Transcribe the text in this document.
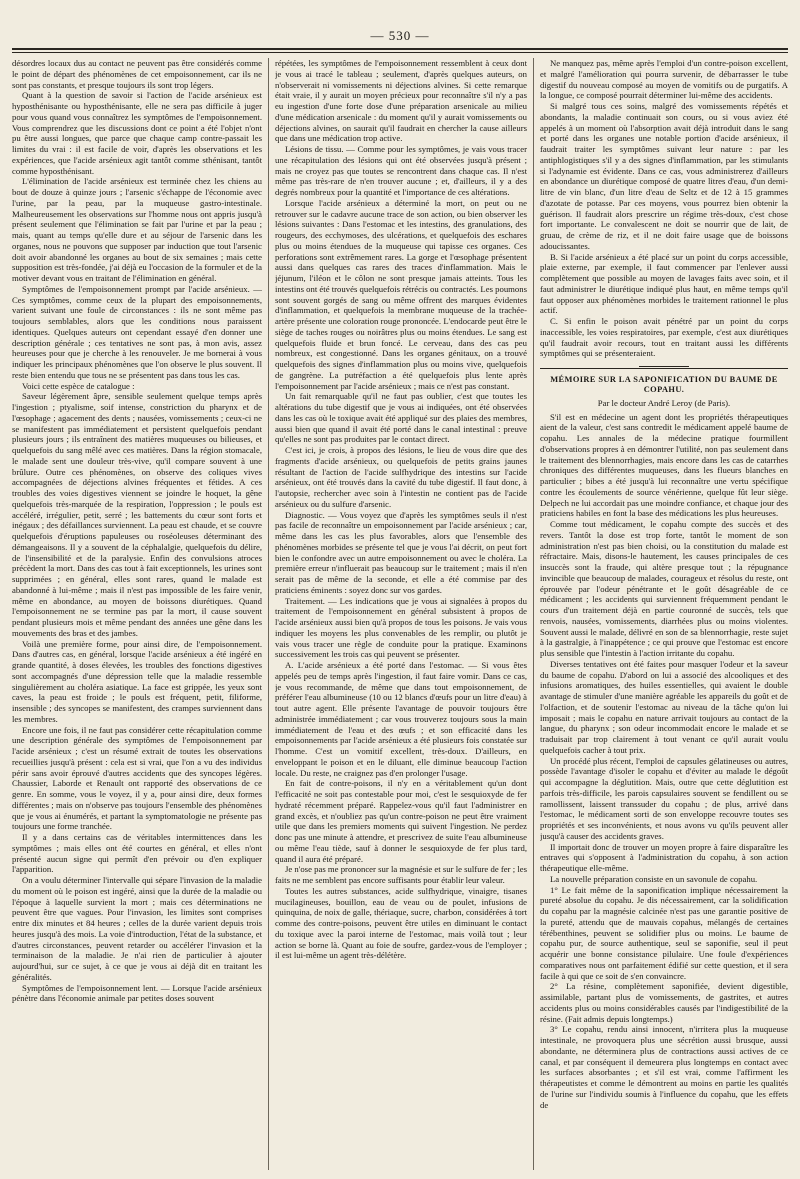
— 530 —

désordres locaux dus au contact ne peuvent pas être considérés comme le point de départ des phénomènes de cet empoisonnement, car ils ne sont pas constants, et presque toujours ils sont trop légers.

Quant à la question de savoir si l'action de l'acide arsénieux est hyposthénisante ou hyposthénisante, elle ne sera pas difficile à juger pour vous quand vous connaîtrez les symptômes de l'empoisonnement. Vous comprendrez que les discussions dont ce point a été l'objet n'ont pu être aussi longues, que parce que chaque camp contre-passait les limites du vrai : il est facile de voir, d'après les observations et les expériences, que l'acide arsénieux agit tantôt comme sthénisant, tantôt comme hyposthénisant.

L'élimination de l'acide arsénieux est terminée chez les chiens au bout de douze à quinze jours ; l'arsenic s'échappe de l'économie avec l'urine, par la peau, par la muqueuse gastro-intestinale. Malheureusement les observations sur l'homme nous ont appris jusqu'à présent seulement que l'élimination se fait par l'urine et par la peau ; mais, quant au temps qu'elle dure et au séjour de l'arsenic dans les organes, nous ne pouvons que supposer par induction que tout l'arsenic doit avoir abandonné les organes au bout de six semaines ; mais cette supposition est très-fondée, j'ai déjà eu l'occasion de la formuler et de la motiver devant vous en traitant de l'élimination en général.

Symptômes de l'empoisonnement prompt par l'acide arsénieux. — Ces symptômes, comme ceux de la plupart des empoisonnements, varient suivant une foule de circonstances : ils ne sont même pas toujours semblables, alors que les conditions nous paraissent identiques. Quelques auteurs ont cependant essayé d'en donner une description générale ; ces tentatives ne sont pas, à mon avis, assez heureuses pour que je cherche à les renouveler. Je me bornerai à vous indiquer les principaux phénomènes que l'on observe le plus souvent. Il reste bien entendu que tous ne se présentent pas dans tous les cas.

Voici cette espèce de catalogue :

Saveur légèrement âpre, sensible seulement quelque temps après l'ingestion ; ptyalisme, soif intense, constriction du pharynx et de l'œsophage ; agacement des dents ; nausées, vomissements ; ceux-ci ne se manifestent pas immédiatement et persistent quelquefois pendant plusieurs jours ; ils entraînent des matières muqueuses ou bilieuses, et quelquefois du sang mêlé avec ces matières. Dans la région stomacale, le malade sent une douleur très-vive, qu'il compare souvent à une brûlure. Outre ces phénomènes, on observe des coliques vives accompagnées de déjections alvines fréquentes et fétides. A ces troubles des voies digestives viennent se joindre le hoquet, la gêne quelquefois très-marquée de la respiration, l'oppression ; le pouls est accéléré, irrégulier, petit, serré ; les battements du cœur sont forts et inégaux ; des défaillances surviennent. La peau est chaude, et se couvre quelquefois d'éruptions papuleuses ou roséoleuses déterminant des démangeaisons. Il y a souvent de la céphalalgie, quelquefois du délire, de l'insensibilité et de la paralysie. Enfin des convulsions atroces précèdent la mort. Dans des cas tout à fait exceptionnels, les urines sont supprimées ; en général, elles sont rares, quand le malade est abandonné à lui-même ; mais il n'est pas impossible de les faire venir, même en abondance, au moyen de boissons diurétiques. Quand l'empoisonnement ne se termine pas par la mort, il cause souvent pendant plusieurs mois et même pendant des années une gêne dans les mouvements des bras et des jambes.

Voilà une première forme, pour ainsi dire, de l'empoisonnement. Dans d'autres cas, en général, lorsque l'acide arsénieux a été ingéré en grande quantité, à doses élevées, les troubles des fonctions digestives sont accompagnés d'une dépression telle que la maladie ressemble singulièrement au choléra asiatique. La face est grippée, les yeux sont caves, la peau est froide ; le pouls est fréquent, petit, filiforme, insensible ; des syncopes se manifestent, des crampes surviennent dans les membres.

Encore une fois, il ne faut pas considérer cette récapitulation comme une description générale des symptômes de l'empoisonnement par l'acide arsénieux ; c'est un résumé extrait de toutes les observations recueillies jusqu'à présent : cela est si vrai, que l'on a vu des individus périr sans avoir éprouvé d'autres accidents que des syncopes légères. Chaussier, Laborde et Renault ont rapporté des observations de ce genre. En somme, vous le voyez, il y a, pour ainsi dire, deux formes différentes ; mais on n'observe pas toujours l'ensemble des phénomènes que je vous ai énumérés, et partant la symptomatologie ne présente pas toujours une forme tranchée.

Il y a dans certains cas de véritables intermittences dans les symptômes ; mais elles ont été courtes en général, et elles n'ont présenté aucun signe qui permît d'en prévoir ou d'en expliquer l'apparition.

On a voulu déterminer l'intervalle qui sépare l'invasion de la maladie du moment où le poison est ingéré, ainsi que la durée de la maladie ou l'époque à laquelle survient la mort ; mais ces déterminations ne peuvent être que vagues. Pour l'invasion, les limites sont comprises entre dix minutes et 84 heures ; celles de la durée varient depuis trois heures jusqu'à des mois. La voie d'introduction, l'état de la substance, et d'autres circonstances, peuvent retarder ou accélérer l'invasion et la terminaison de la maladie. Je n'ai rien de particulier à ajouter aujourd'hui, sur ce sujet, à ce que je vous ai déjà dit en traitant les généralités.

Symptômes de l'empoisonnement lent. — Lorsque l'acide arsénieux pénètre dans l'économie animale par petites doses souvent

répétées, les symptômes de l'empoisonnement ressemblent à ceux dont je vous ai tracé le tableau ; seulement, d'après quelques auteurs, on n'observerait ni vomissements ni déjections alvines. Si cette remarque était vraie, il y aurait un moyen précieux pour reconnaître s'il n'y a pas eu ingestion d'une forte dose d'une préparation arsenicale au milieu d'une médication arsenicale : du moment qu'il y aurait vomissements ou déjections alvines, on saurait qu'il faudrait en chercher la cause ailleurs que dans une médication trop active.

Lésions de tissu. — Comme pour les symptômes, je vais vous tracer une récapitulation des lésions qui ont été observées jusqu'à présent ; mais ne croyez pas que toutes se rencontrent dans chaque cas. Il n'est même pas très-rare de n'en trouver aucune ; et, d'ailleurs, il y a des degrés nombreux pour la quantité et l'importance de ces altérations.

Lorsque l'acide arsénieux a déterminé la mort, on peut ou ne retrouver sur le cadavre aucune trace de son action, ou bien observer les lésions suivantes : Dans l'estomac et les intestins, des granulations, des rougeurs, des ecchymoses, des ulcérations, et quelquefois des eschares plus ou moins étendues de la muqueuse qui tapisse ces organes. Ces perforations sont extrêmement rares. La gorge et l'œsophage présentent aussi dans quelques cas rares des traces d'inflammation. Mais le jéjunum, l'iléon et le côlon ne sont presque jamais atteints. Tous les intestins ont été trouvés quelquefois rétrécis ou contractés. Les poumons sont souvent gorgés de sang ou même offrent des marques évidentes d'inflammation, et quelquefois la membrane muqueuse de la trachée-artère présente une coloration rouge prononcée. L'endocarde peut être le siège de taches rouges ou noirâtres plus ou moins étendues. Le sang est quelquefois fluide et brun foncé. Le cerveau, dans des cas peu nombreux, est congestionné. Dans les organes génitaux, on a trouvé quelquefois des signes d'inflammation plus ou moins vive, quelquefois de gangrène. La putréfaction a été quelquefois plus lente après l'empoisonnement par l'acide arsénieux ; mais ce n'est pas constant.

Un fait remarquable qu'il ne faut pas oublier, c'est que toutes les altérations du tube digestif que je vous ai indiquées, ont été observées dans les cas où le toxique avait été appliqué sur des plaies des membres, aussi bien que quand il avait été porté dans le canal intestinal : preuve qu'elles ne sont pas produites par le contact direct.

C'est ici, je crois, à propos des lésions, le lieu de vous dire que des fragments d'acide arsénieux, ou quelquefois de petits grains jaunes résultant de l'action de l'acide sulfhydrique des intestins sur l'acide arsénieux, ont été trouvés dans la cavité du tube digestif. Il faut donc, à l'autopsie, rechercher avec soin à l'intestin ne contient pas de l'acide arsénieux ou du sulfure d'arsenic.

Diagnostic. — Vous voyez que d'après les symptômes seuls il n'est pas facile de reconnaître un empoisonnement par l'acide arsénieux ; car, même dans les cas les plus favorables, alors que l'ensemble des phénomènes morbides se présente tel que je vous l'ai décrit, on peut fort bien le confondre avec un autre empoisonnement ou avec le choléra. La première erreur n'influerait pas beaucoup sur le traitement ; mais il n'en serait pas de même de la seconde, et elle a été commise par des praticiens éminents : soyez donc sur vos gardes.

Traitement. — Les indications que je vous ai signalées à propos du traitement de l'empoisonnement en général subsistent à propos de l'acide arsénieux aussi bien qu'à propos de tous les poisons. Je vais vous indiquer les moyens les plus convenables de les remplir, ou plutôt je vais vous tracer une règle de conduite pour la pratique. Examinons successivement les trois cas qui peuvent se présenter.

A. L'acide arsénieux a été porté dans l'estomac. — Si vous êtes appelés peu de temps après l'ingestion, il faut faire vomir. Dans ce cas, je vous recommande, de même que dans tout empoisonnement, de préférer l'eau albumineuse (10 ou 12 blancs d'œufs pour un litre d'eau) à tout autre agent. Elle présente l'avantage de pouvoir toujours être administrée immédiatement ; car vous trouverez toujours sous la main immédiatement de l'eau et des œufs ; et son efficacité dans les empoisonnements par l'acide arsénieux a été plusieurs fois constatée sur l'homme. C'est un vomitif excellent, très-doux. D'ailleurs, en enveloppant le poison et en le diluant, elle diminue beaucoup l'action locale. Du reste, ne craignez pas d'en prolonger l'usage.

En fait de contre-poisons, il n'y en a véritablement qu'un dont l'efficacité ne soit pas contestable pour moi, c'est le sesquioxyde de fer hydraté récemment préparé. Rappelez-vous qu'il faut l'administrer en grand excès, et n'oubliez pas qu'un contre-poison ne peut être vraiment utile que dans les premiers moments qui suivent l'ingestion. Ne perdez donc pas une minute à attendre, et prescrivez de suite l'eau albumineuse ou même l'eau tiède, sauf à donner le sesquioxyde de fer plus tard, quand il aura été préparé.

Je n'ose pas me prononcer sur la magnésie et sur le sulfure de fer ; les faits ne me semblent pas encore suffisants pour établir leur valeur.

Toutes les autres substances, acide sulfhydrique, vinaigre, tisanes mucilagineuses, bouillon, eau de veau ou de poulet, infusions de quinquina, de noix de galle, thériaque, sucre, charbon, considérées à tort comme des contre-poisons, peuvent être utiles en diminuant le contact du toxique avec la paroi interne de l'estomac, mais voilà tout ; leur action se borne là. Quant au foie de soufre, gardez-vous de l'employer ; il est lui-même un agent très-délétère.

Ne manquez pas, même après l'emploi d'un contre-poison excellent, et malgré l'amélioration qui pourra survenir, de débarrasser le tube digestif du nouveau composé au moyen de vomitifs ou de purgatifs. A la longue, ce composé pourrait déterminer lui-même des accidents.

Si malgré tous ces soins, malgré des vomissements répétés et abondants, la maladie continuait son cours, ou si vous aviez été appelés à un moment où l'absorption avait déjà introduit dans le sang et porté dans les organes une notable portion d'acide arsénieux, il faudrait traiter les symptômes suivant leur nature : par les antiphlogistiques s'il y a des signes d'inflammation, par les stimulants si l'adynamie est évidente. Dans ce cas, vous administrerez d'ailleurs en abondance un diurétique composé de quatre litres d'eau, d'un demi-litre de vin blanc, d'un litre d'eau de Seltz et de 12 à 15 grammes d'azotate de potasse. Par ces moyens, vous pourrez bien obtenir la guérison. Il faudrait alors prescrire un régime très-doux, c'est chose fort importante. Le convalescent ne doit se nourrir que de lait, de gruau, de crème de riz, et il ne doit faire usage que de boissons adoucissantes.

B. Si l'acide arsénieux a été placé sur un point du corps accessible, plaie externe, par exemple, il faut commencer par l'enlever aussi complètement que possible au moyen de lavages faits avec soin, et il faut administrer le diurétique indiqué plus haut, en même temps qu'il faut opposer aux phénomènes morbides le traitement rationnel le plus actif.

C. Si enfin le poison avait pénétré par un point du corps inaccessible, les voies respiratoires, par exemple, c'est aux diurétiques qu'il faudrait avoir recours, tout en traitant aussi les différents symptômes qui se présenteraient.

MÉMOIRE SUR LA SAPONIFICATION DU BAUME DE COPAHU.
Par le docteur André Leroy (de Paris).

S'il est en médecine un agent dont les propriétés thérapeutiques aient de la valeur, c'est sans contredit le médicament appelé baume de copahu. Les annales de la médecine pratique fourmillent d'observations propres à en démontrer l'utilité, non pas seulement dans le traitement des blennorrhagies, mais encore dans les cas de catarrhes chroniques des différentes muqueuses, dans les flueurs blanches en particulier ; bibes a été jusqu'à lui reconnaître une vertu spécifique contre les écoulements de source vénérienne, quelque fût leur siège. Delpech ne lui accordait pas une moindre confiance, et chaque jour des praticiens habiles en font la base des médications les plus heureuses.

Comme tout médicament, le copahu compte des succès et des revers. Tantôt la dose est trop forte, tantôt le moment de son administration n'est pas bien choisi, ou la constitution du malade est réfractaire. Mais, disons-le hautement, les causes principales de ces insuccès sont la fraude, qui altère presque tout ; la répugnance invincible que beaucoup de malades, courageux et résolus du reste, ont éprouvée par l'odeur pénétrante et le goût désagréable de ce médicament ; les accidents qui surviennent fréquemment pendant le cours d'un traitement déjà en partie couronné de succès, tels que renvois, nausées, vomissements, diarrhées plus ou moins violentes. Souvent aussi le malade, délivré en son de sa blennorrhagie, reste sujet à la gastralgie, à l'inappétence ; ce qui prouve que l'estomac est encore plus sensible que l'intestin à l'action irritante du copahu.

Diverses tentatives ont été faites pour masquer l'odeur et la saveur du baume de copahu. D'abord on lui a associé des alcooliques et des infusions aromatiques, des huiles essentielles, qui avaient le double avantage de stimuler d'une manière agréable les appareils du goût et de l'olfaction, et de soutenir l'estomac au niveau de la tâche qu'on lui imposait ; mais le copahu en nature arrivait toujours au contact de la langue, du pharynx ; son odeur incommodait encore le malade et se traduisait par trop clairement à tout venant ce qu'il aurait voulu quelquefois cacher à tout prix.

Un procédé plus récent, l'emploi de capsules gélatineuses ou autres, possède l'avantage d'isoler le copahu et d'éviter au malade le dégoût qui accompagne la déglutition. Mais, outre que cette déglutition est parfois très-difficile, les parois capsulaires souvent se fendillent ou se ramollissent, laissent transsuder du copahu ; de plus, arrivé dans l'estomac, le médicament sorti de son enveloppe recouvre toutes ses propriétés et ses inconvénients, et nous avons vu qu'ils peuvent aller jusqu'à causer des accidents graves.

Il importait donc de trouver un moyen propre à faire disparaître les entraves qui s'opposent à l'administration du copahu, à son action thérapeutique elle-même.

La nouvelle préparation consiste en un savonule de copahu.

1° Le fait même de la saponification implique nécessairement la pureté absolue du copahu. Je dis nécessairement, car la solidification du copahu par la magnésie calcinée n'est pas une garantie positive de la pureté, attendu que de mauvais copahus, mélangés de certaines térébenthines, peuvent se solidifier plus ou moins. Le baume de copahu pur, de source authentique, seul se saponifie, seul il peut acquérir une bonne consistance pilulaire. Une foule d'expériences comparatives nous ont parfaitement édifié sur cette question, et il sera facile à qui que ce soit de s'en convaincre.

2° La résine, complètement saponifiée, devient digestible, assimilable, partant plus de vomissements, de gastrites, et autres accidents plus ou moins considérables causés par l'indigestibilité de la résine. (Fait admis depuis longtemps.)

3° Le copahu, rendu ainsi innocent, n'irritera plus la muqueuse intestinale, ne provoquera plus une sécrétion aussi brusque, aussi abondante, ne déterminera plus de contractions aussi actives de ce canal, et par conséquent il demeurera plus longtemps en contact avec les surfaces absorbantes ; et s'il est vrai, comme l'affirment les thérapeutistes et comme le démontrent au moins en partie les qualités de l'urine sur l'individu soumis à l'influence du copahu, que les effets de
